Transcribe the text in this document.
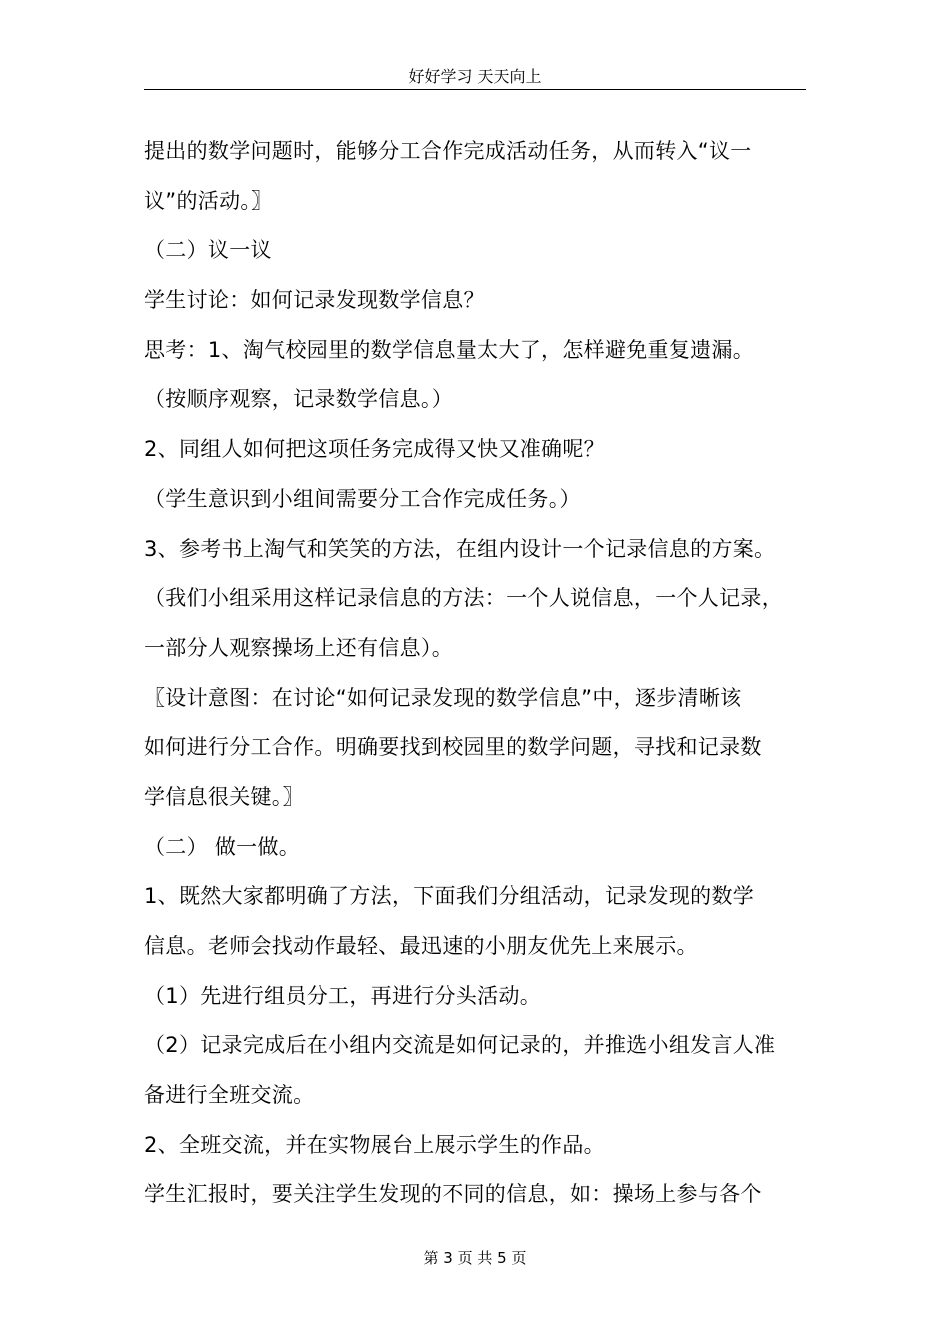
好好学习 天天向上
提出的数学问题时，能够分工合作完成活动任务，从而转入“议一
议”的活动。〗
（二）议一议
学生讨论：如何记录发现数学信息？
思考：1、淘气校园里的数学信息量太大了，怎样避免重复遗漏。
（按顺序观察，记录数学信息。）
2、同组人如何把这项任务完成得又快又准确呢？
（学生意识到小组间需要分工合作完成任务。）
3、参考书上淘气和笑笑的方法，在组内设计一个记录信息的方案。
（我们小组采用这样记录信息的方法：一个人说信息，一个人记录，
一部分人观察操场上还有信息）。
〖设计意图：在讨论“如何记录发现的数学信息”中，逐步清晰该
如何进行分工合作。明确要找到校园里的数学问题，寻找和记录数
学信息很关键。〗
（二） 做一做。
1、既然大家都明确了方法，下面我们分组活动，记录发现的数学
信息。老师会找动作最轻、最迅速的小朋友优先上来展示。
（1）先进行组员分工，再进行分头活动。
（2）记录完成后在小组内交流是如何记录的，并推选小组发言人准
备进行全班交流。
2、全班交流，并在实物展台上展示学生的作品。
学生汇报时，要关注学生发现的不同的信息，如：操场上参与各个
第 3 页 共 5 页
